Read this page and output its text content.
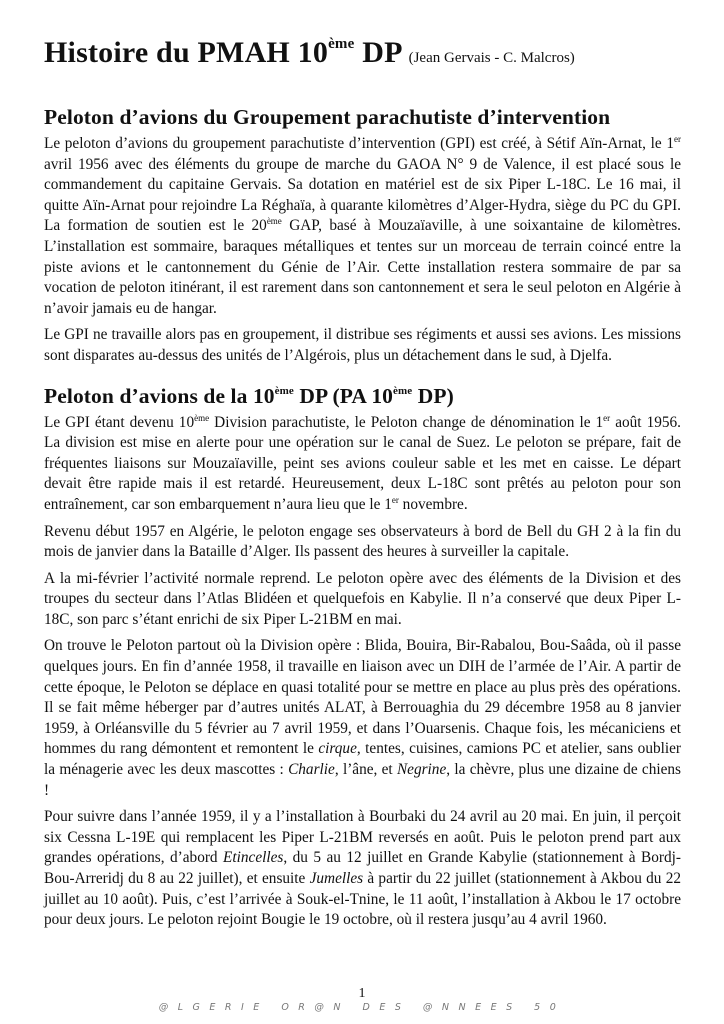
Histoire du PMAH 10ème DP (Jean Gervais - C. Malcros)
Peloton d’avions du Groupement parachutiste d’intervention

Le peloton d’avions du groupement parachutiste d’intervention (GPI) est créé, à Sétif Aïn-Arnat, le 1er avril 1956 avec des éléments du groupe de marche du GAOA N° 9 de Valence, il est placé sous le commandement du capitaine Gervais. Sa dotation en matériel est de six Piper L-18C. Le 16 mai, il quitte Aïn-Arnat pour rejoindre La Réghaïa, à quarante kilomètres d’Alger-Hydra, siège du PC du GPI. La formation de soutien est le 20ème GAP, basé à Mouzaïaville, à une soixantaine de kilomètres. L’installation est sommaire, baraques métalliques et tentes sur un morceau de terrain coincé entre la piste avions et le cantonnement du Génie de l’Air. Cette installation restera sommaire de par sa vocation de peloton itinérant, il est rarement dans son cantonnement et sera le seul peloton en Algérie à n’avoir jamais eu de hangar.

Le GPI ne travaille alors pas en groupement, il distribue ses régiments et aussi ses avions. Les missions sont disparates au-dessus des unités de l’Algérois, plus un détachement dans le sud, à Djelfa.

Peloton d’avions de la 10ème DP (PA 10ème DP)

Le GPI étant devenu 10ème Division parachutiste, le Peloton change de dénomination le 1er août 1956. La division est mise en alerte pour une opération sur le canal de Suez. Le peloton se prépare, fait de fréquentes liaisons sur Mouzaïaville, peint ses avions couleur sable et les met en caisse. Le départ devait être rapide mais il est retardé. Heureusement, deux L-18C sont prêtés au peloton pour son entraînement, car son embarquement n’aura lieu que le 1er novembre.

Revenu début 1957 en Algérie, le peloton engage ses observateurs à bord de Bell du GH 2 à la fin du mois de janvier dans la Bataille d’Alger. Ils passent des heures à surveiller la capitale.

A la mi-février l’activité normale reprend. Le peloton opère avec des éléments de la Division et des troupes du secteur dans l’Atlas Blidéen et quelquefois en Kabylie. Il n’a conservé que deux Piper L-18C, son parc s’étant enrichi de six Piper L-21BM en mai.

On trouve le Peloton partout où la Division opère : Blida, Bouira, Bir-Rabalou, Bou-Saâda, où il passe quelques jours. En fin d’année 1958, il travaille en liaison avec un DIH de l’armée de l’Air. A partir de cette époque, le Peloton se déplace en quasi totalité pour se mettre en place au plus près des opérations. Il se fait même héberger par d’autres unités ALAT, à Berrouaghia du 29 décembre 1958 au 8 janvier 1959, à Orléansville du 5 février au 7 avril 1959, et dans l’Ouarsenis. Chaque fois, les mécaniciens et hommes du rang démontent et remontent le cirque, tentes, cuisines, camions PC et atelier, sans oublier la ménagerie avec les deux mascottes : Charlie, l’âne, et Negrine, la chèvre, plus une dizaine de chiens !

Pour suivre dans l’année 1959, il y a l’installation à Bourbaki du 24 avril au 20 mai. En juin, il perçoit six Cessna L-19E qui remplacent les Piper L-21BM reversés en août. Puis le peloton prend part aux grandes opérations, d’abord Etincelles, du 5 au 12 juillet en Grande Kabylie (stationnement à Bordj-Bou-Arreridj du 8 au 22 juillet), et ensuite Jumelles à partir du 22 juillet (stationnement à Akbou du 22 juillet au 10 août). Puis, c’est l’arrivée à Souk-el-Tnine, le 11 août, l’installation à Akbou le 17 octobre pour deux jours. Le peloton rejoint Bougie le 19 octobre, où il restera jusqu’au 4 avril 1960.

1
@LGERIE OR@N DES @NNEES 50
